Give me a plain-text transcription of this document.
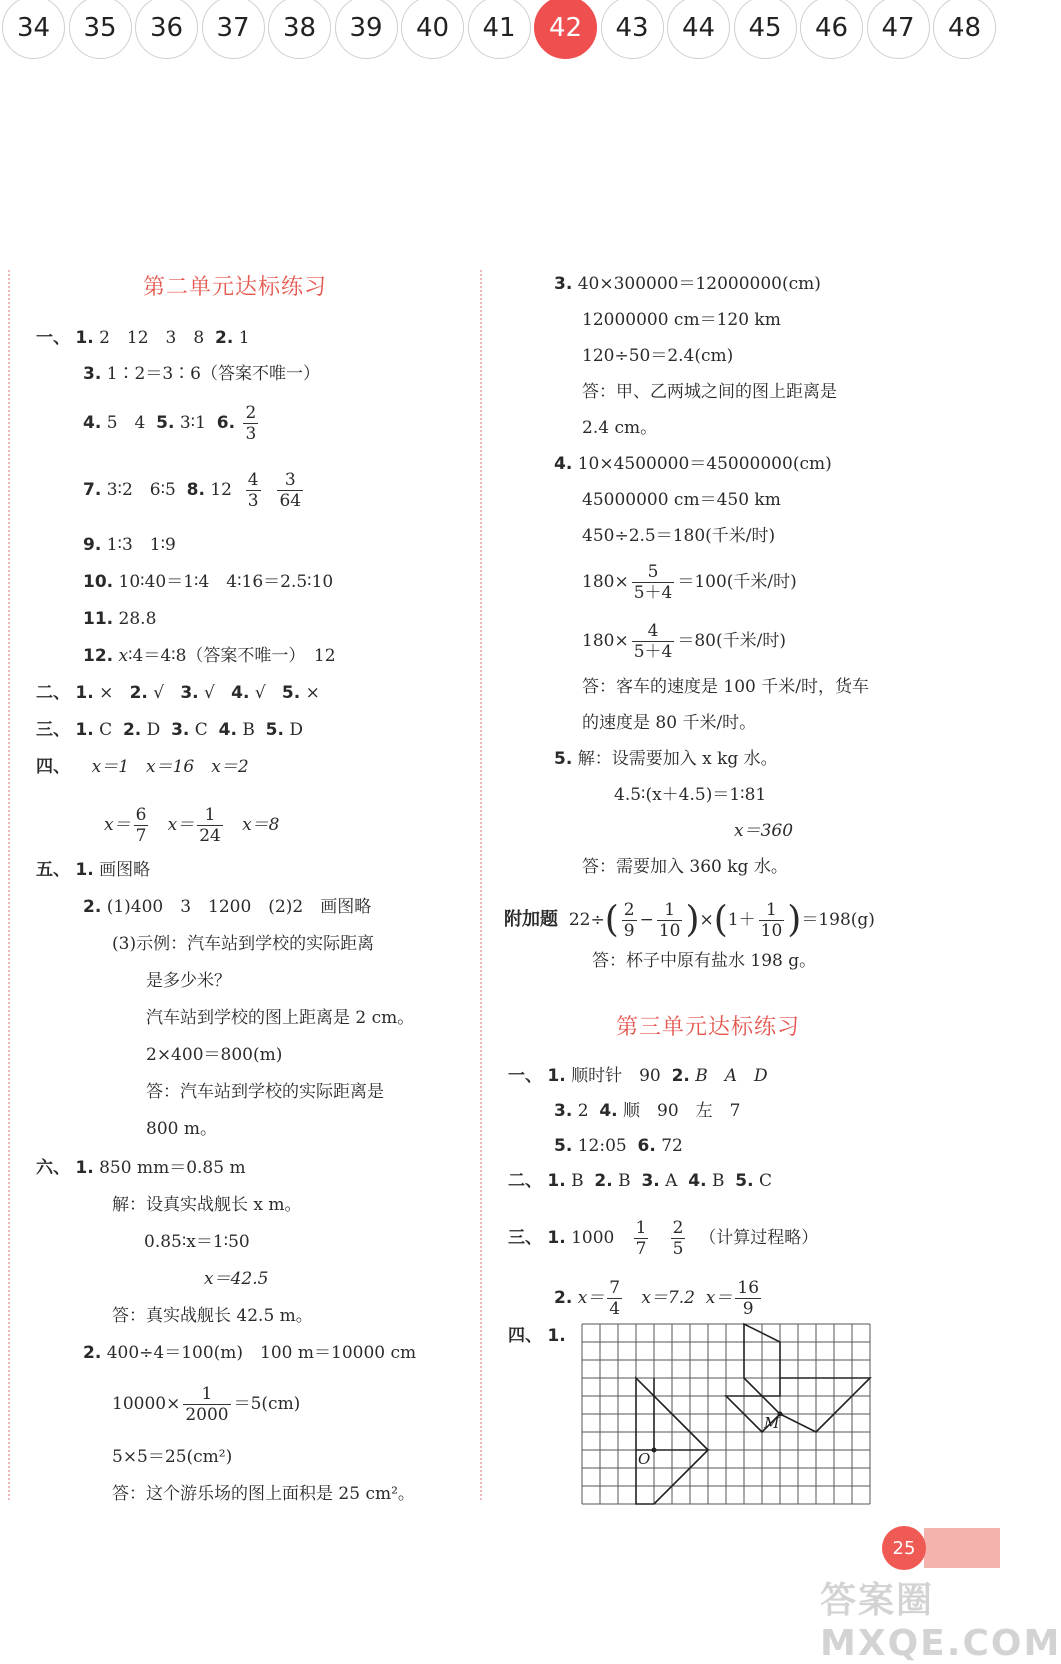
34	35	36	37	38	39	40	41	42	43	44	45	46	47	48
第二单元达标练习
一、 1. 2　12　3　8 2. 1
3. 1∶2＝3∶6（答案不唯一）
4. 5　4 5. 3∶1 6. $\frac{2}{3}$
7. 3∶2　6∶5 8. $12 \frac{4}{3}$
$\frac{3}{64}$
9. 1∶3　1∶9
10. 10∶40＝1∶4　4∶16＝2.5∶10
11. 28.8
12. x∶4＝4∶8（答案不唯一）　12
二、 1. × 2. √ 3. √ 4. √ 5. ×
三、 1. C 2. D 3. C 4. B 5. D
四、 x＝1　x＝16　x＝2
$x= \frac{6}{7} x= \frac{1}{24} x=8$
五、 1. 画图略
2. (1)400　3　1200　(2)2　画图略
(3)示例：汽车站到学校的实际距离
是多少米？
汽车站到学校的图上距离是 2 cm。
2×400＝800(m)
答：汽车站到学校的实际距离是
800 m。
六、 1. 850 mm＝0.85 m
解：设真实战舰长 x m。
0.85∶x＝1∶50
x＝42.5
答：真实战舰长 42.5 m。
2. 400÷4＝100(m)　100 m＝10000 cm
$10000\times \frac{1}{2000} =5(cm)$
5×5＝25(cm²)
答：这个游乐场的图上面积是 25 cm²。
3. 40×300000＝12000000(cm)
12000000 cm＝120 km
120÷50＝2.4(cm)
答：甲、乙两城之间的图上距离是
2.4 cm。
4. 10×4500000＝45000000(cm)
45000000 cm＝450 km
450÷2.5＝180(千米/时)
$180\times \frac{5}{5+4} =100$(千米/时)
$180\times \frac{4}{5+4} =80$(千米/时)
答：客车的速度是 100 千米/时，货车
的速度是 80 千米/时。
5. 解：设需要加入 x kg 水。
4.5∶(x＋4.5)＝1∶81
x＝360
答：需要加入 360 kg 水。
附加题 $22\div( \frac{2}{9} - \frac{1}{10} )\times(1+ \frac{1}{10} )=198(g)$
答：杯子中原有盐水 198 g。
第三单元达标练习
一、 1. 顺时针　90 2. B　A　D
3. 2 4. 顺　90　左　7
5. 12:05 6. 72
二、 1. B 2. B 3. A 4. B 5. C
三、 1. $1000 \frac{1}{7}$
$\frac{2}{5}$ （计算过程略）
2. $x= \frac{7}{4} x=7.2$ $x= \frac{16}{9}$
四、 1.
O
M
25
答案圈 MXQE.COM
